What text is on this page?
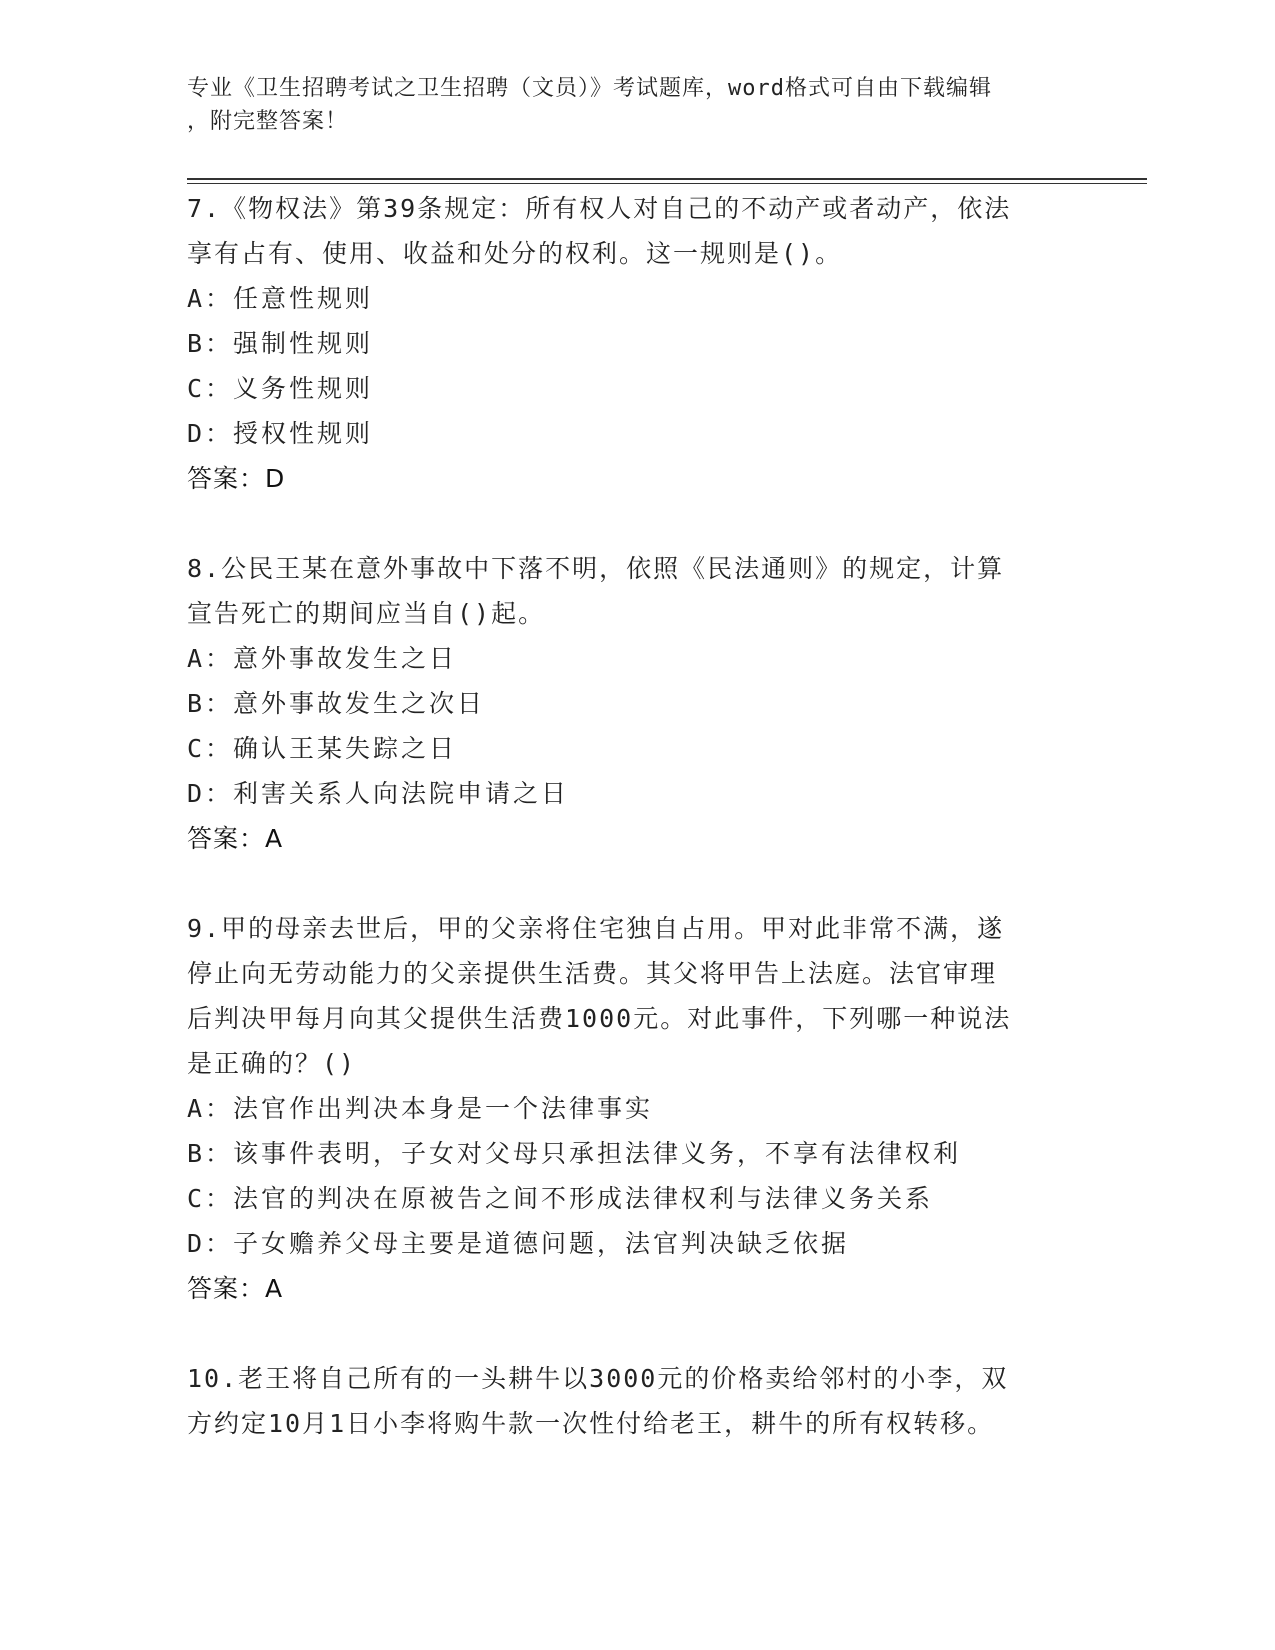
专业《卫生招聘考试之卫生招聘（文员）》考试题库，word格式可自由下载编辑
，附完整答案！
7.《物权法》第39条规定：所有权人对自己的不动产或者动产，依法
享有占有、使用、收益和处分的权利。这一规则是()。
A：任意性规则
B：强制性规则
C：义务性规则
D：授权性规则
答案：D
8.公民王某在意外事故中下落不明，依照《民法通则》的规定，计算
宣告死亡的期间应当自()起。
A：意外事故发生之日
B：意外事故发生之次日
C：确认王某失踪之日
D：利害关系人向法院申请之日
答案：A
9.甲的母亲去世后，甲的父亲将住宅独自占用。甲对此非常不满，遂
停止向无劳动能力的父亲提供生活费。其父将甲告上法庭。法官审理
后判决甲每月向其父提供生活费1000元。对此事件，下列哪一种说法
是正确的？()
A：法官作出判决本身是一个法律事实
B：该事件表明，子女对父母只承担法律义务，不享有法律权利
C：法官的判决在原被告之间不形成法律权利与法律义务关系
D：子女赡养父母主要是道德问题，法官判决缺乏依据
答案：A
10.老王将自己所有的一头耕牛以3000元的价格卖给邻村的小李，双
方约定10月1日小李将购牛款一次性付给老王，耕牛的所有权转移。
